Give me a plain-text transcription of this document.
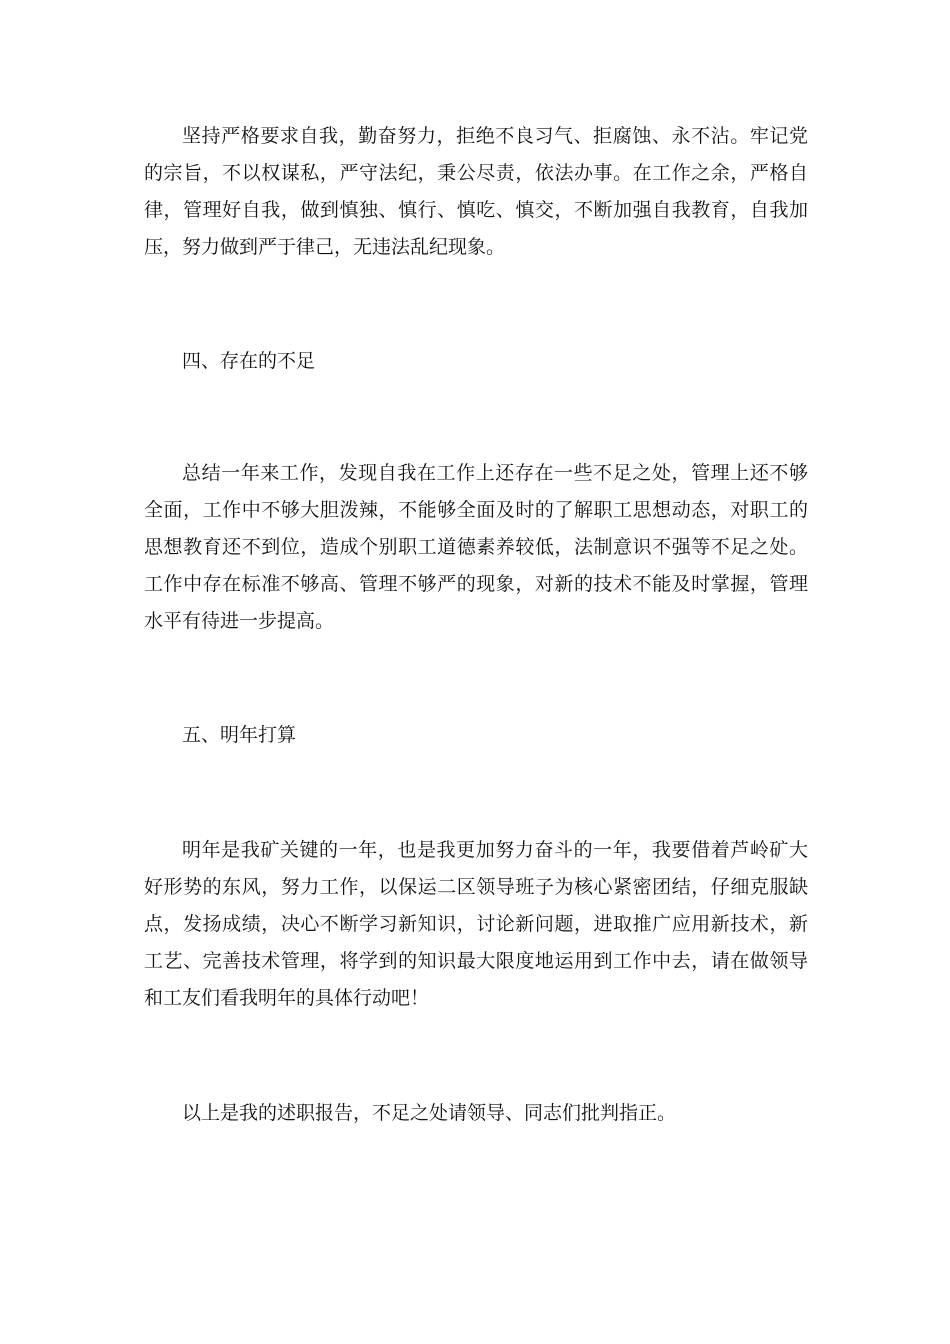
坚持严格要求自我，勤奋努力，拒绝不良习气、拒腐蚀、永不沾。牢记党的宗旨，不以权谋私，严守法纪，秉公尽责，依法办事。在工作之余，严格自律，管理好自我，做到慎独、慎行、慎吃、慎交，不断加强自我教育，自我加压，努力做到严于律己，无违法乱纪现象。

四、存在的不足

总结一年来工作，发现自我在工作上还存在一些不足之处，管理上还不够全面，工作中不够大胆泼辣，不能够全面及时的了解职工思想动态，对职工的思想教育还不到位，造成个别职工道德素养较低，法制意识不强等不足之处。工作中存在标准不够高、管理不够严的现象，对新的技术不能及时掌握，管理水平有待进一步提高。

五、明年打算

明年是我矿关键的一年，也是我更加努力奋斗的一年，我要借着芦岭矿大好形势的东风，努力工作，以保运二区领导班子为核心紧密团结，仔细克服缺点，发扬成绩，决心不断学习新知识，讨论新问题，进取推广应用新技术，新工艺、完善技术管理，将学到的知识最大限度地运用到工作中去，请在做领导和工友们看我明年的具体行动吧！

以上是我的述职报告，不足之处请领导、同志们批判指正。
